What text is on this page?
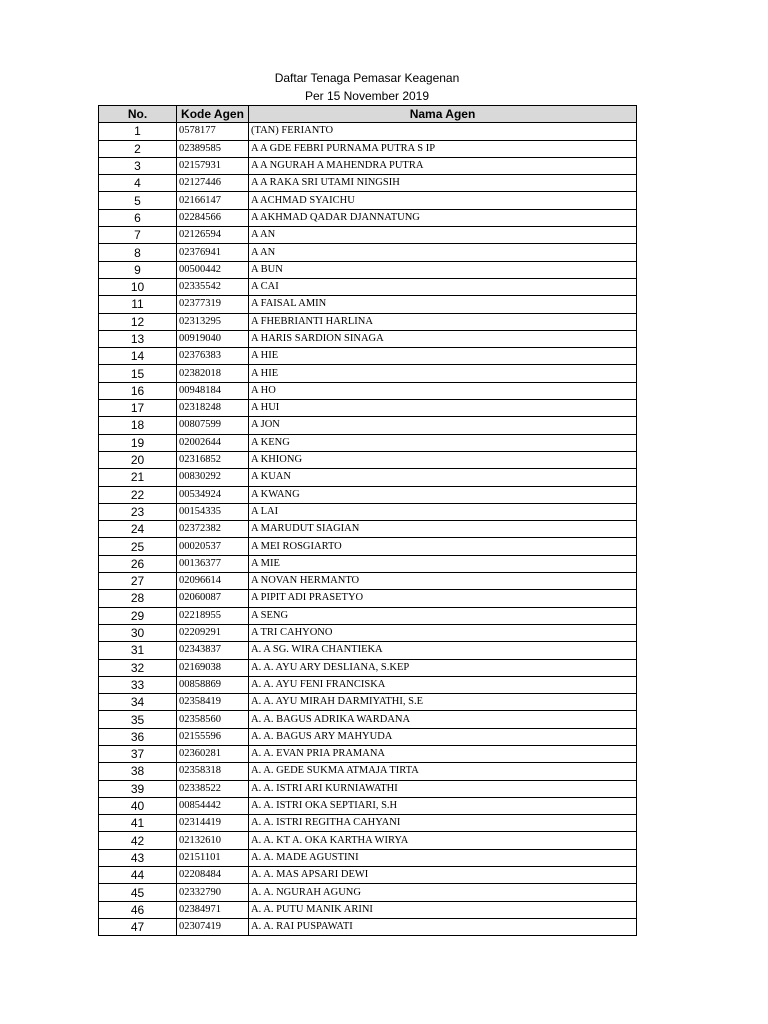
Daftar Tenaga Pemasar Keagenan
Per 15 November 2019
No.	Kode Agen	Nama Agen
1	0578177	(TAN) FERIANTO
2	02389585	A A GDE FEBRI PURNAMA PUTRA S IP
3	02157931	A A NGURAH A MAHENDRA PUTRA
4	02127446	A A RAKA SRI UTAMI NINGSIH
5	02166147	A ACHMAD SYAICHU
6	02284566	A AKHMAD QADAR DJANNATUNG
7	02126594	A AN
8	02376941	A AN
9	00500442	A BUN
10	02335542	A CAI
11	02377319	A FAISAL AMIN
12	02313295	A FHEBRIANTI HARLINA
13	00919040	A HARIS SARDION SINAGA
14	02376383	A HIE
15	02382018	A HIE
16	00948184	A HO
17	02318248	A HUI
18	00807599	A JON
19	02002644	A KENG
20	02316852	A KHIONG
21	00830292	A KUAN
22	00534924	A KWANG
23	00154335	A LAI
24	02372382	A MARUDUT SIAGIAN
25	00020537	A MEI ROSGIARTO
26	00136377	A MIE
27	02096614	A NOVAN HERMANTO
28	02060087	A PIPIT ADI PRASETYO
29	02218955	A SENG
30	02209291	A TRI CAHYONO
31	02343837	A. A SG. WIRA CHANTIEKA
32	02169038	A. A. AYU ARY DESLIANA, S.KEP
33	00858869	A. A. AYU FENI FRANCISKA
34	02358419	A. A. AYU MIRAH DARMIYATHI, S.E
35	02358560	A. A. BAGUS ADRIKA WARDANA
36	02155596	A. A. BAGUS ARY MAHYUDA
37	02360281	A. A. EVAN PRIA PRAMANA
38	02358318	A. A. GEDE SUKMA ATMAJA TIRTA
39	02338522	A. A. ISTRI ARI KURNIAWATHI
40	00854442	A. A. ISTRI OKA SEPTIARI, S.H
41	02314419	A. A. ISTRI REGITHA CAHYANI
42	02132610	A. A. KT A. OKA KARTHA WIRYA
43	02151101	A. A. MADE AGUSTINI
44	02208484	A. A. MAS APSARI DEWI
45	02332790	A. A. NGURAH AGUNG
46	02384971	A. A. PUTU MANIK ARINI
47	02307419	A. A. RAI PUSPAWATI
